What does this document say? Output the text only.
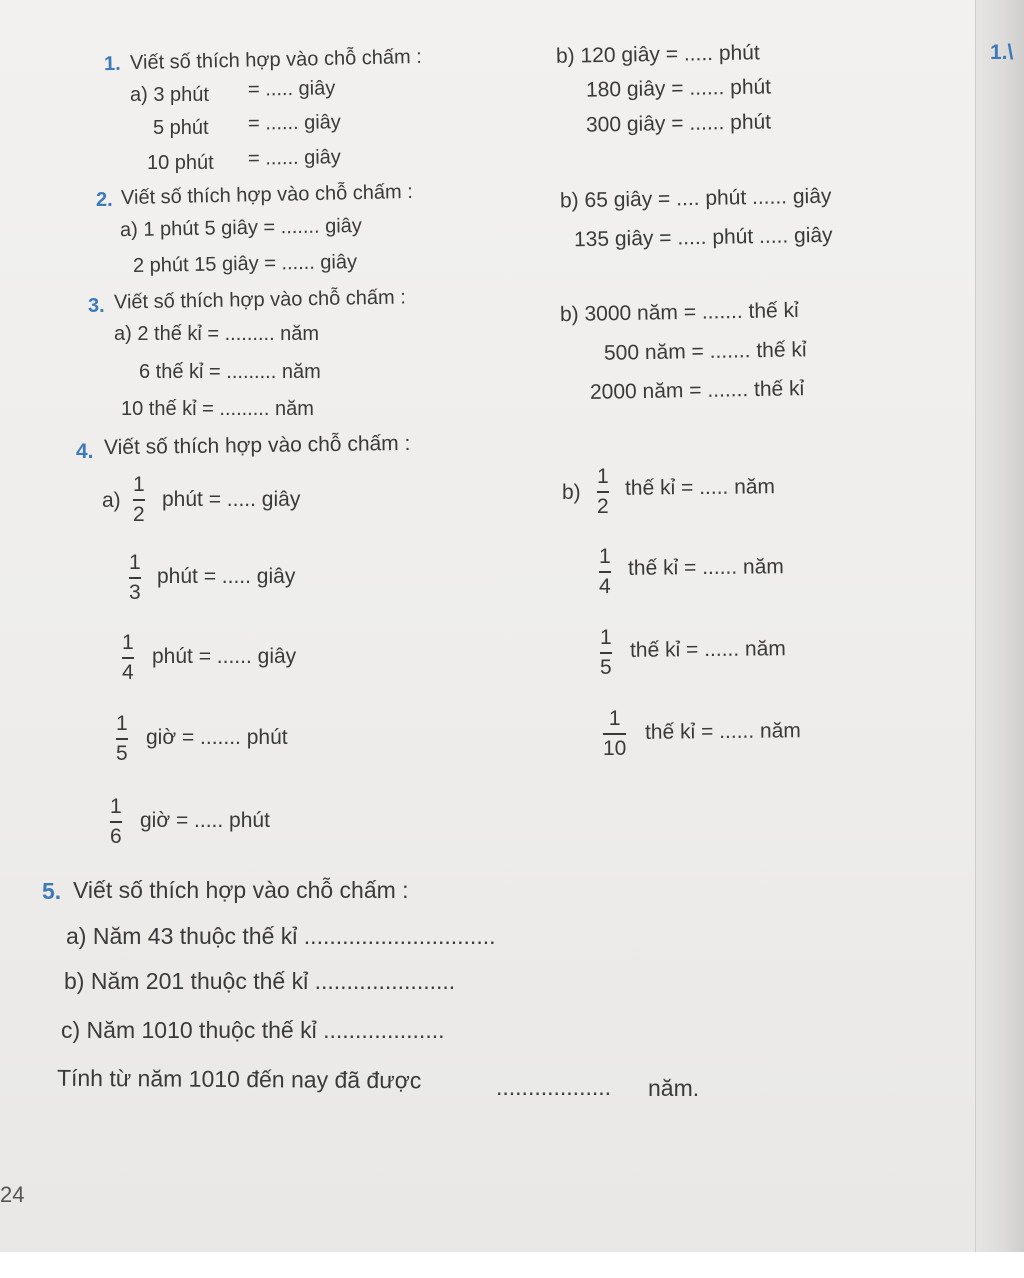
1.\
1. Viết số thích hợp vào chỗ chấm :
a) 3 phút = ..... giây
5 phút = ...... giây
10 phút = ...... giây
b) 120 giây = ..... phút
180 giây = ...... phút
300 giây = ...... phút
2. Viết số thích hợp vào chỗ chấm :
a) 1 phút 5 giây = ....... giây
2 phút 15 giây = ...... giây
b) 65 giây = .... phút ...... giây
135 giây = ..... phút ..... giây
3. Viết số thích hợp vào chỗ chấm :
a) 2 thế kỉ = ......... năm
6 thế kỉ = ......... năm
10 thế kỉ = ......... năm
b) 3000 năm = ....... thế kỉ
500 năm = ....... thế kỉ
2000 năm = ....... thế kỉ
4. Viết số thích hợp vào chỗ chấm :
a)
1
2
phút = ..... giây
1
3
phút = ..... giây
1
4
phút = ...... giây
1
5
giờ = ....... phút
1
6
giờ = ..... phút
b)
1
2
thế kỉ = ..... năm
1
4
thế kỉ = ...... năm
1
5
thế kỉ = ...... năm
1
10
thế kỉ = ...... năm
5. Viết số thích hợp vào chỗ chấm :
a) Năm 43 thuộc thế kỉ ..............................
b) Năm 201 thuộc thế kỉ ......................
c) Năm 1010 thuộc thế kỉ ...................
Tính từ năm 1010 đến nay đã được	.................. năm.
24
